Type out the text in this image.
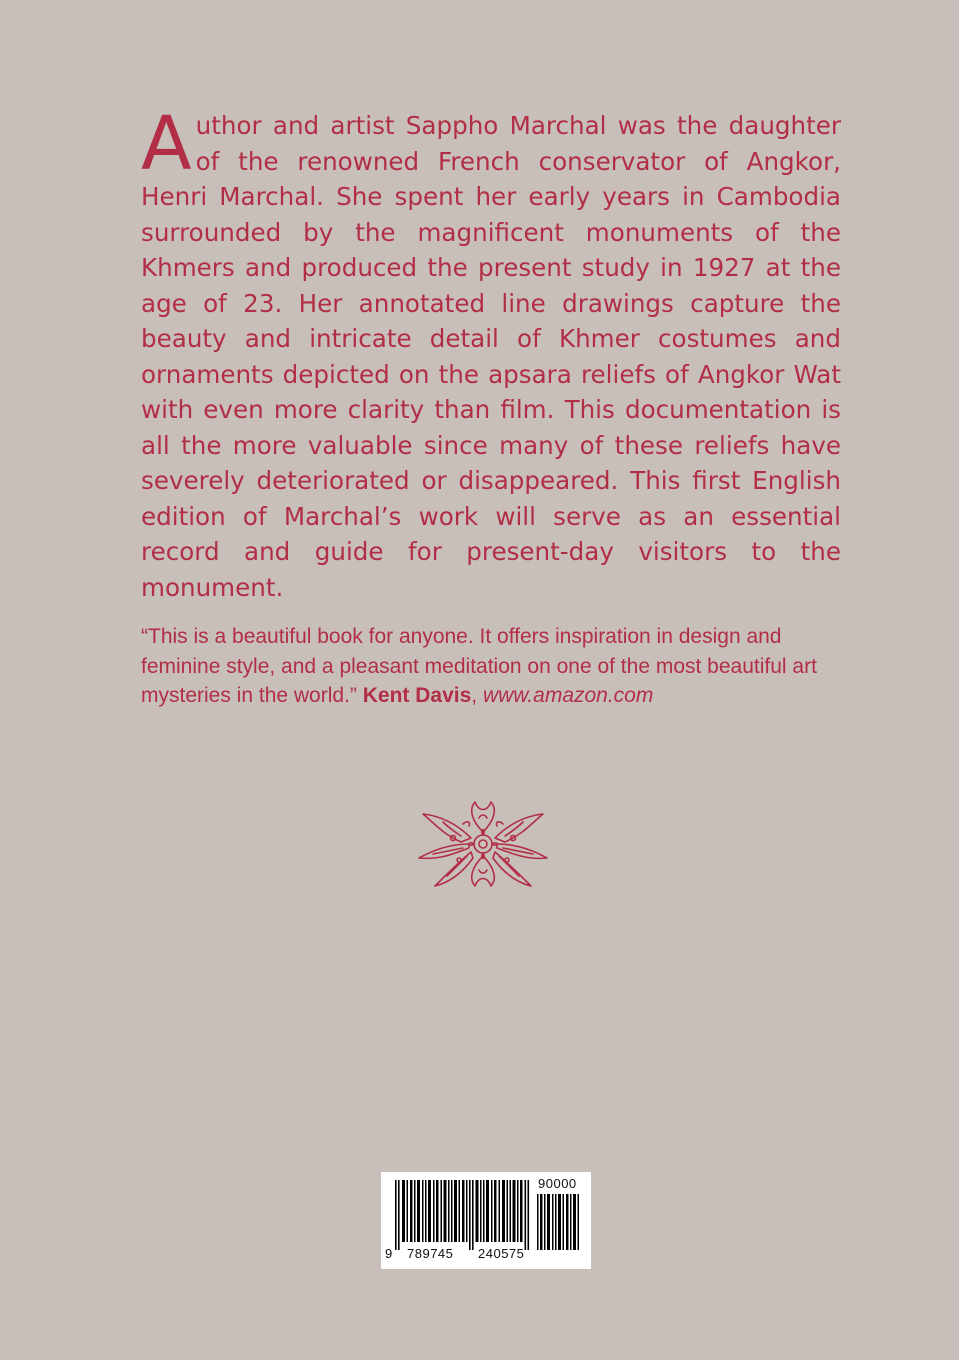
Author and artist Sappho Marchal was the daughter of the renowned French conservator of Angkor, Henri Marchal. She spent her early years in Cambodia surrounded by the magnificent monuments of the Khmers and produced the present study in 1927 at the age of 23. Her annotated line drawings capture the beauty and intricate detail of Khmer costumes and ornaments depicted on the apsara reliefs of Angkor Wat with even more clarity than film. This documentation is all the more valuable since many of these reliefs have severely deteriorated or disappeared. This first English edition of Marchal’s work will serve as an essential record and guide for present-day visitors to the monument.
“This is a beautiful book for anyone. It offers inspiration in design and feminine style, and a pleasant meditation on one of the most beautiful art mysteries in the world.” Kent Davis, www.amazon.com
9 789745 240575
90000
